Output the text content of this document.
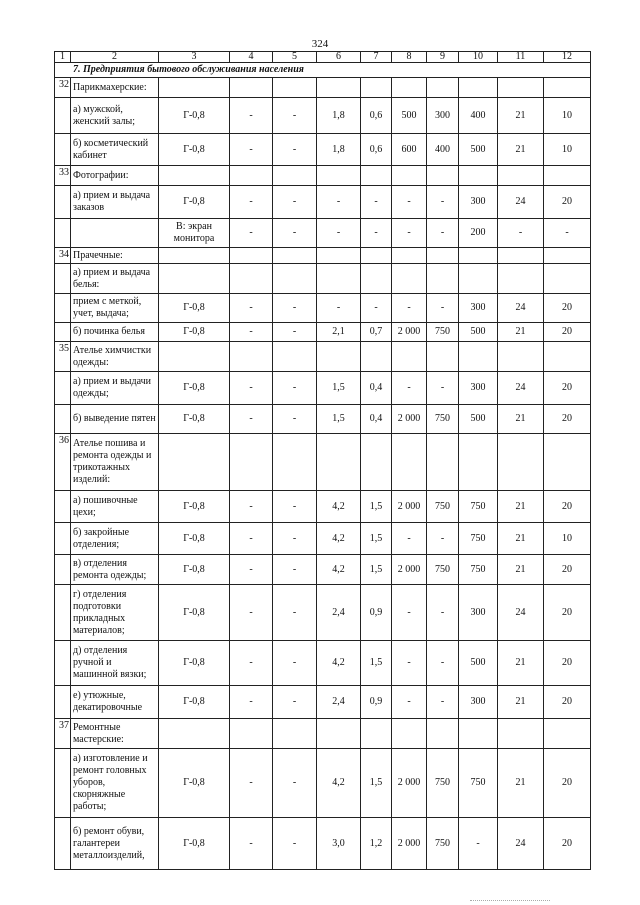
324
1	2	3	4	5	6	7	8	9	10	11	12
7. Предприятия бытового обслуживания населения											
32	Парикмахерские:										
	а) мужской, женский залы;	Г-0,8	-	-	1,8	0,6	500	300	400	21	10
	б) косметический кабинет	Г-0,8	-	-	1,8	0,6	600	400	500	21	10
33	Фотографии:										
	а) прием и выдача заказов	Г-0,8	-	-	-	-	-	-	300	24	20
		В: экран монитора	-	-	-	-	-	-	200	-	-
34	Прачечные:										
	а) прием и выдача белья:										
	прием с меткой, учет, выдача;	Г-0,8	-	-	-	-	-	-	300	24	20
	б) починка белья	Г-0,8	-	-	2,1	0,7	2 000	750	500	21	20
35	Ателье химчистки одежды:										
	а) прием и выдачи одежды;	Г-0,8	-	-	1,5	0,4	-	-	300	24	20
	б) выведение пятен	Г-0,8	-	-	1,5	0,4	2 000	750	500	21	20
36	Ателье пошива и ремонта одежды и трикотажных изделий:										
	а) пошивочные цехи;	Г-0,8	-	-	4,2	1,5	2 000	750	750	21	20
	б) закройные отделения;	Г-0,8	-	-	4,2	1,5	-	-	750	21	10
	в) отделения ремонта одежды;	Г-0,8	-	-	4,2	1,5	2 000	750	750	21	20
	г) отделения подготовки прикладных материалов;	Г-0,8	-	-	2,4	0,9	-	-	300	24	20
	д) отделения ручной и машинной вязки;	Г-0,8	-	-	4,2	1,5	-	-	500	21	20
	е) утюжные, декатировочные	Г-0,8	-	-	2,4	0,9	-	-	300	21	20
37	Ремонтные мастерские:										
	а) изготовление и ремонт головных уборов, скорняжные работы;	Г-0,8	-	-	4,2	1,5	2 000	750	750	21	20
	б) ремонт обуви, галантереи металлоизделий,	Г-0,8	-	-	3,0	1,2	2 000	750	-	24	20
